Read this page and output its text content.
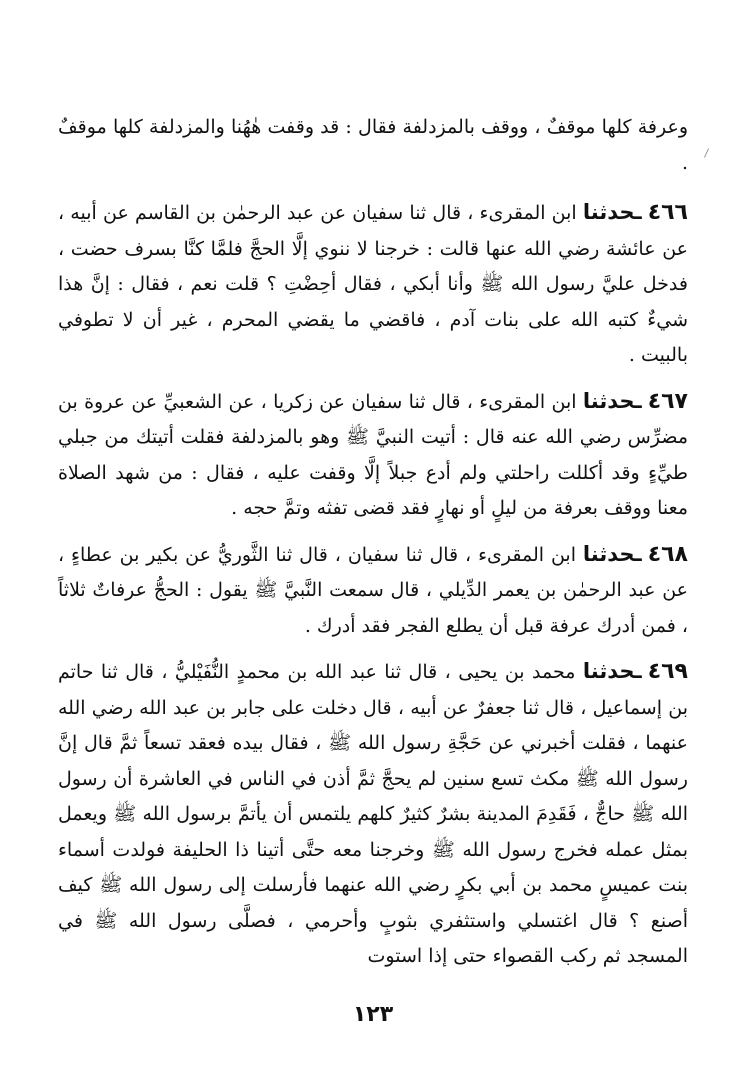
وعرفة كلها موقفٌ ، ووقف بالمزدلفة فقال : قد وقفت هٰهُنا والمزدلفة كلها موقفٌ .

٤٦٦ـحدثنا ابن المقرىء ، قال ثنا سفيان عن عبد الرحمٰن بن القاسم عن أبيه ، عن عائشة رضي الله عنها قالت : خرجنا لا ننوي إلَّا الحجَّ فلمَّا كنَّا بسرف حضت ، فدخل عليَّ رسول الله ﷺ وأنا أبكي ، فقال أحِضْتِ ؟ قلت نعم ، فقال : إنَّ هذا شيءٌ كتبه الله على بنات آدم ، فاقضي ما يقضي المحرم ، غير أن لا تطوفي بالبيت .

٤٦٧ـحدثنا ابن المقرىء ، قال ثنا سفيان عن زكريا ، عن الشعبيِّ عن عروة بن مضرِّس رضي الله عنه قال : أتيت النبيَّ ﷺ وهو بالمزدلفة فقلت أتيتك من جبلي طيِّءٍ وقد أكللت راحلتي ولم أدع جبلاً إلَّا وقفت عليه ، فقال : من شهد الصلاة معنا ووقف بعرفة من ليلٍ أو نهارٍ فقد قضى تفثه وتمَّ حجه .

٤٦٨ـحدثنا ابن المقرىء ، قال ثنا سفيان ، قال ثنا الثَّوريُّ عن بكير بن عطاءٍ ، عن عبد الرحمٰن بن يعمر الدِّيلي ، قال سمعت النَّبيَّ ﷺ يقول : الحجُّ عرفاتٌ ثلاثاً ، فمن أدرك عرفة قبل أن يطلع الفجر فقد أدرك .

٤٦٩ـحدثنا محمد بن يحيى ، قال ثنا عبد الله بن محمدٍ النُّفَيْليُّ ، قال ثنا حاتم بن إسماعيل ، قال ثنا جعفرٌ عن أبيه ، قال دخلت على جابر بن عبد الله رضي الله عنهما ، فقلت أخبرني عن حَجَّةِ رسول الله ﷺ ، فقال بيده فعقد تسعاً ثمَّ قال إنَّ رسول الله ﷺ مكث تسع سنين لم يحجَّ ثمَّ أذن في الناس في العاشرة أن رسول الله ﷺ حاجٌّ ، فَقَدِمَ المدينة بشرٌ كثيرٌ كلهم يلتمس أن يأتمَّ برسول الله ﷺ ويعمل بمثل عمله فخرج رسول الله ﷺ وخرجنا معه حتَّى أتينا ذا الحليفة فولدت أسماء بنت عميسٍ محمد بن أبي بكرٍ رضي الله عنهما فأرسلت إلى رسول الله ﷺ كيف أصنع ؟ قال اغتسلي واستثفري بثوبٍ وأحرمي ، فصلَّى رسول الله ﷺ في المسجد ثم ركب القصواء حتى إذا استوت

١٢٣
